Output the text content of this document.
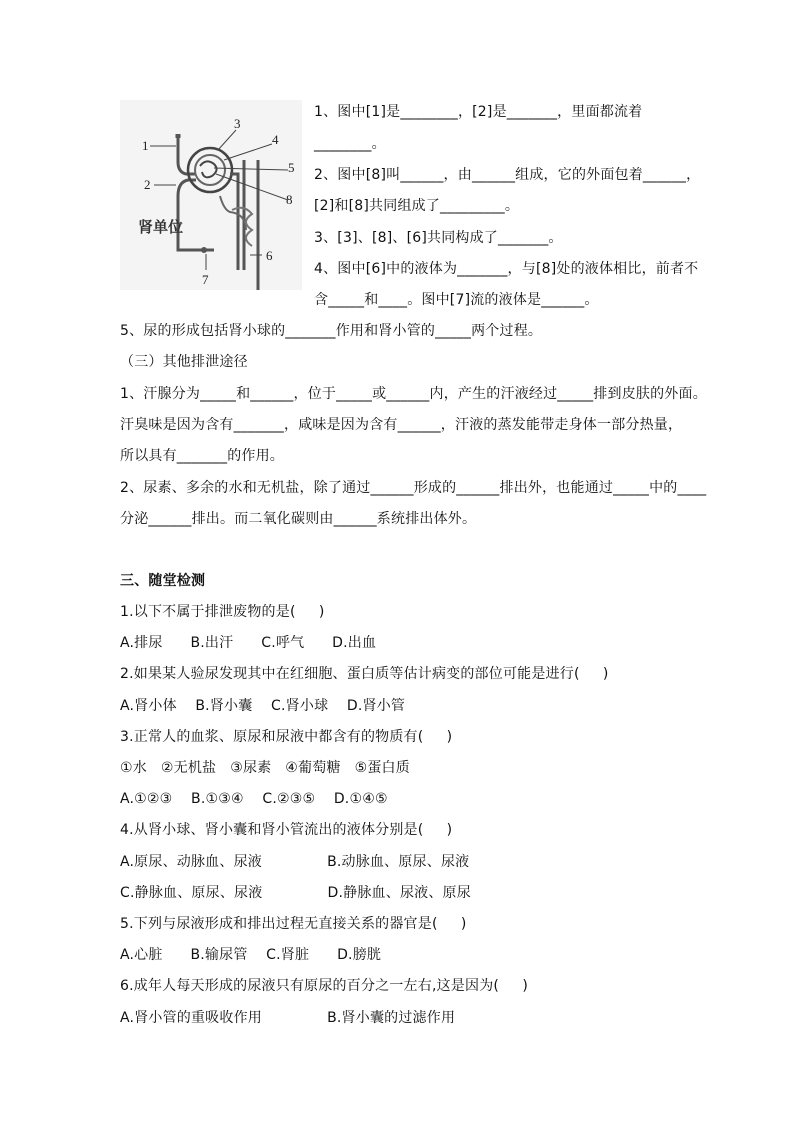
1
2
3
4
5
6
7
8
肾单位
1、图中[1]是________，[2]是_______，里面都流着
________。
2、图中[8]叫______，由______组成，它的外面包着______，
[2]和[8]共同组成了_________。
3、[3]、[8]、[6]共同构成了_______。
4、图中[6]中的液体为_______，与[8]处的液体相比，前者不
含_____和____。图中[7]流的液体是______。
5、尿的形成包括肾小球的_______作用和肾小管的_____两个过程。
（三）其他排泄途径
1、汗腺分为_____和______，位于_____或______内，产生的汗液经过_____排到皮肤的外面。
汗臭味是因为含有_______，咸味是因为含有______，汗液的蒸发能带走身体一部分热量，
所以具有_______的作用。
2、尿素、多余的水和无机盐，除了通过______形成的______排出外，也能通过_____中的____
分泌______排出。而二氧化碳则由______系统排出体外。
三、随堂检测
1.以下不属于排泄废物的是(     )
A.排尿      B.出汗      C.呼气      D.出血
2.如果某人验尿发现其中在红细胞、蛋白质等估计病变的部位可能是进行(     )
A.肾小体    B.肾小囊    C.肾小球    D.肾小管
3.正常人的血浆、原尿和尿液中都含有的物质有(     )
①水   ②无机盐   ③尿素   ④葡萄糖   ⑤蛋白质
A.①②③    B.①③④    C.②③⑤    D.①④⑤
4.从肾小球、肾小囊和肾小管流出的液体分别是(     )
A.原尿、动脉血、尿液              B.动脉血、原尿、尿液
C.静脉血、原尿、尿液              D.静脉血、尿液、原尿
5.下列与尿液形成和排出过程无直接关系的器官是(     )
A.心脏      B.输尿管    C.肾脏      D.膀胱
6.成年人每天形成的尿液只有原尿的百分之一左右,这是因为(     )
A.肾小管的重吸收作用              B.肾小囊的过滤作用
